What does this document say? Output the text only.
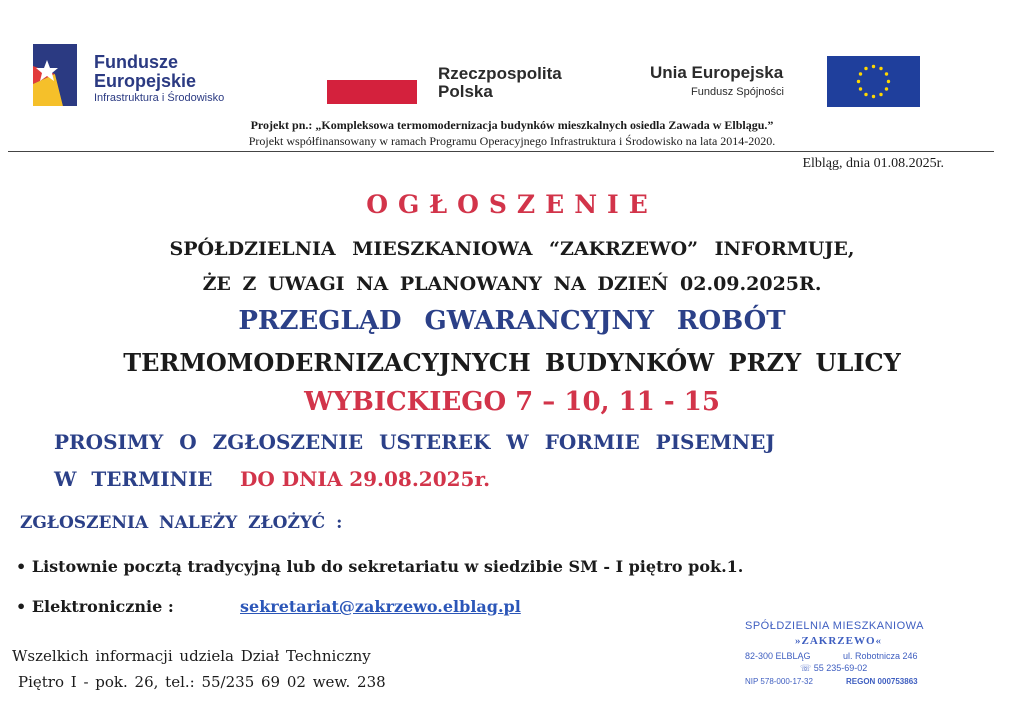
Fundusze
Europejskie
Infrastruktura i Środowisko
Rzeczpospolita
Polska
Unia Europejska
Fundusz Spójności
Projekt pn.: „Kompleksowa termomodernizacja budynków mieszkalnych osiedla Zawada w Elblągu.”
Projekt współfinansowany w ramach Programu Operacyjnego Infrastruktura i Środowisko na lata 2014-2020.
Elbląg, dnia 01.08.2025r.
OGŁOSZENIE
SPÓŁDZIELNIA MIESZKANIOWA “ZAKRZEWO” INFORMUJE,
ŻE Z UWAGI NA PLANOWANY NA DZIEŃ 02.09.2025R.
PRZEGLĄD GWARANCYJNY ROBÓT
TERMOMODERNIZACYJNYCH BUDYNKÓW PRZY ULICY
WYBICKIEGO 7 – 10, 11 - 15
PROSIMY O ZGŁOSZENIE USTEREK W FORMIE PISEMNEJ
W TERMINIE DO DNIA 29.08.2025r.
ZGŁOSZENIA NALEŻY ZŁOŻYĆ :
• Listownie pocztą tradycyjną lub do sekretariatu w siedzibie SM - I piętro pok.1.
• Elektronicznie :	sekretariat@zakrzewo.elblag.pl
Wszelkich informacji udziela Dział Techniczny
Piętro I - pok. 26, tel.: 55/235 69 02 wew. 238
SPÓŁDZIELNIA MIESZKANIOWA
»ZAKRZEWO«
82-300 ELBLĄG	ul. Robotnicza 246
☏ 55 235-69-02
NIP 578-000-17-32	REGON 000753863
